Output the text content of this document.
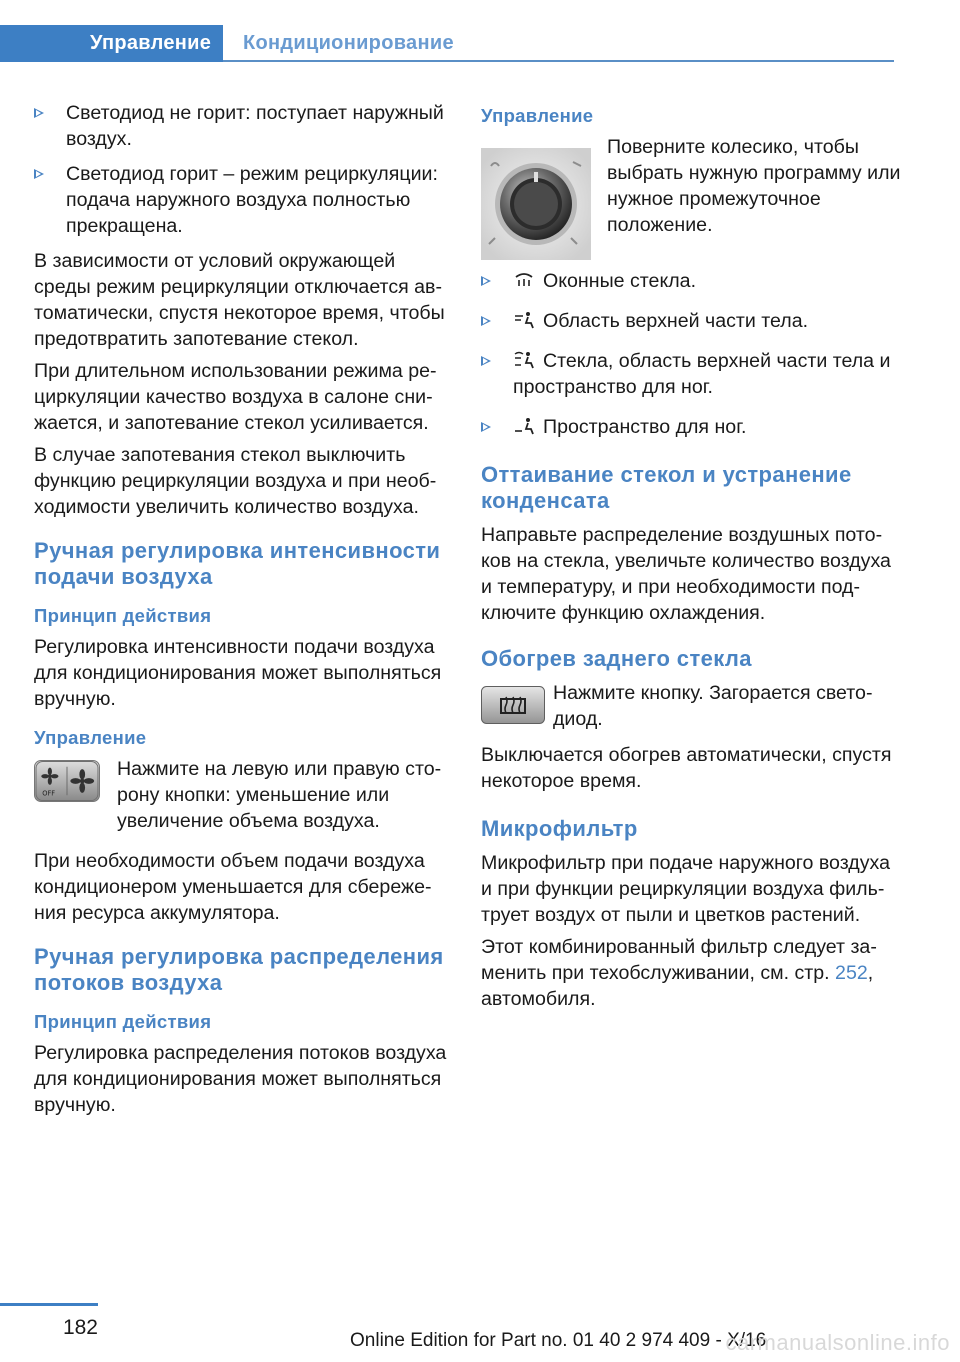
Управление	Кондиционирование
Светодиод не горит: поступает наружный воздух.
Светодиод горит – режим рециркуляции: подача наружного воздуха полностью прекращена.

В зависимости от условий окружающей среды режим рециркуляции отключается автоматически, спустя некоторое время, чтобы предотвратить запотевание стекол.

При длительном использовании режима рециркуляции качество воздуха в салоне снижается, и запотевание стекол усиливается.

В случае запотевания стекол выключить функцию рециркуляции воздуха и при необходимости увеличить количество воздуха.

Ручная регулировка интенсивности подачи воздуха
Принцип действия

Регулировка интенсивности подачи воздуха для кондиционирования может выполняться вручную.

Управление
OFF
Нажмите на левую или правую сторону кнопки: уменьшение или увеличение объема воздуха.

При необходимости объем подачи воздуха кондиционером уменьшается для сбережения ресурса аккумулятора.

Ручная регулировка распределения потоков воздуха
Принцип действия

Регулировка распределения потоков воздуха для кондиционирования может выполняться вручную.

Управление
Поверните колесико, чтобы выбрать нужную программу или нужное промежуточное положение.
Оконные стекла.
Область верхней части тела.
Стекла, область верхней части тела и пространство для ног.
Пространство для ног.
Оттаивание стекол и устранение конденсата

Направьте распределение воздушных потоков на стекла, увеличьте количество воздуха и температуру, и при необходимости подключите функцию охлаждения.

Обогрев заднего стекла
Нажмите кнопку. Загорается светодиод.

Выключается обогрев автоматически, спустя некоторое время.

Микрофильтр

Микрофильтр при подаче наружного воздуха и при функции рециркуляции воздуха фильтрует воздух от пыли и цветков растений.

Этот комбинированный фильтр следует заменить при техобслуживании, см. стр. 252, автомобиля.

182
Online Edition for Part no. 01 40 2 974 409 - X/16
carmanualsonline.info
